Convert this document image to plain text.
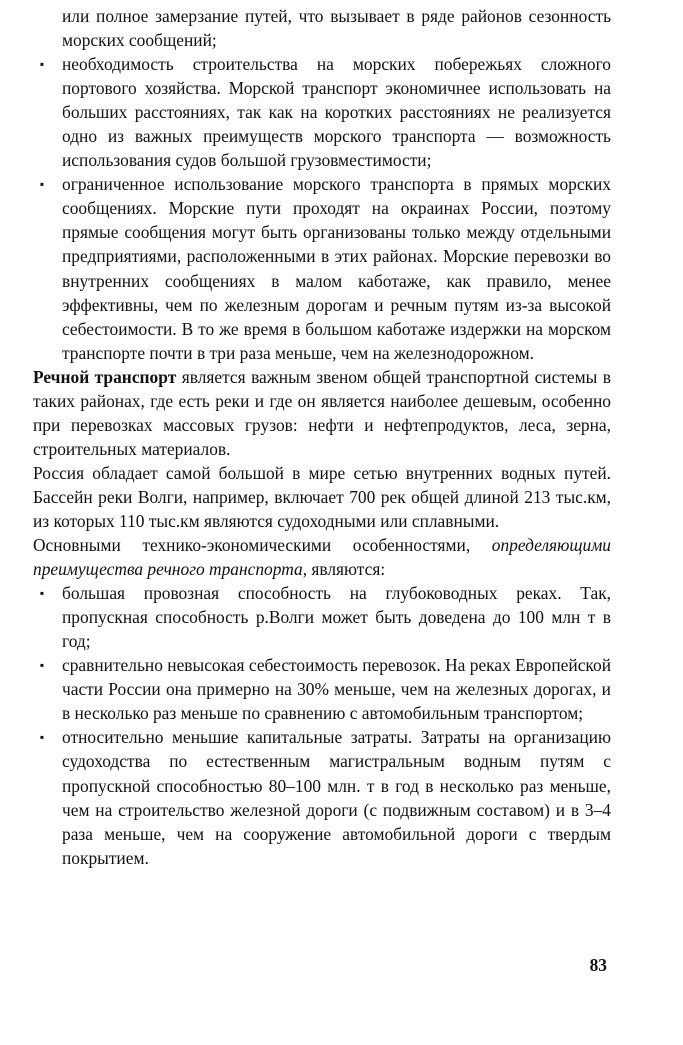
или полное замерзание путей, что вызывает в ряде районов сезонность морских сообщений;
▪ необходимость строительства на морских побережьях сложного портового хозяйства. Морской транспорт экономичнее использовать на больших расстояниях, так как на коротких расстояниях не реализуется одно из важных преимуществ морского транспорта — возможность использования судов большой грузовместимости;
▪ ограниченное использование морского транспорта в прямых морских сообщениях. Морские пути проходят на окраинах России, поэтому прямые сообщения могут быть организованы только между отдельными предприятиями, расположенными в этих районах. Морские перевозки во внутренних сообщениях в малом каботаже, как правило, менее эффективны, чем по железным дорогам и речным путям из-за высокой себестоимости. В то же время в большом каботаже издержки на морском транспорте почти в три раза меньше, чем на железнодорожном.

Речной транспорт является важным звеном общей транспортной системы в таких районах, где есть реки и где он является наиболее дешевым, особенно при перевозках массовых грузов: нефти и нефтепродуктов, леса, зерна, строительных материалов.

Россия обладает самой большой в мире сетью внутренних водных путей. Бассейн реки Волги, например, включает 700 рек общей длиной 213 тыс.км, из которых 110 тыс.км являются судоходными или сплавными.

Основными технико-экономическими особенностями, определяющими преимущества речного транспорта, являются:

▪ большая провозная способность на глубоководных реках. Так, пропускная способность р.Волги может быть доведена до 100 млн т в год;
▪ сравнительно невысокая себестоимость перевозок. На реках Европейской части России она примерно на 30% меньше, чем на железных дорогах, и в несколько раз меньше по сравнению с автомобильным транспортом;
▪ относительно меньшие капитальные затраты. Затраты на организацию судоходства по естественным магистральным водным путям с пропускной способностью 80–100 млн. т в год в несколько раз меньше, чем на строительство железной дороги (с подвижным составом) и в 3–4 раза меньше, чем на сооружение автомобильной дороги с твердым покрытием.
83
